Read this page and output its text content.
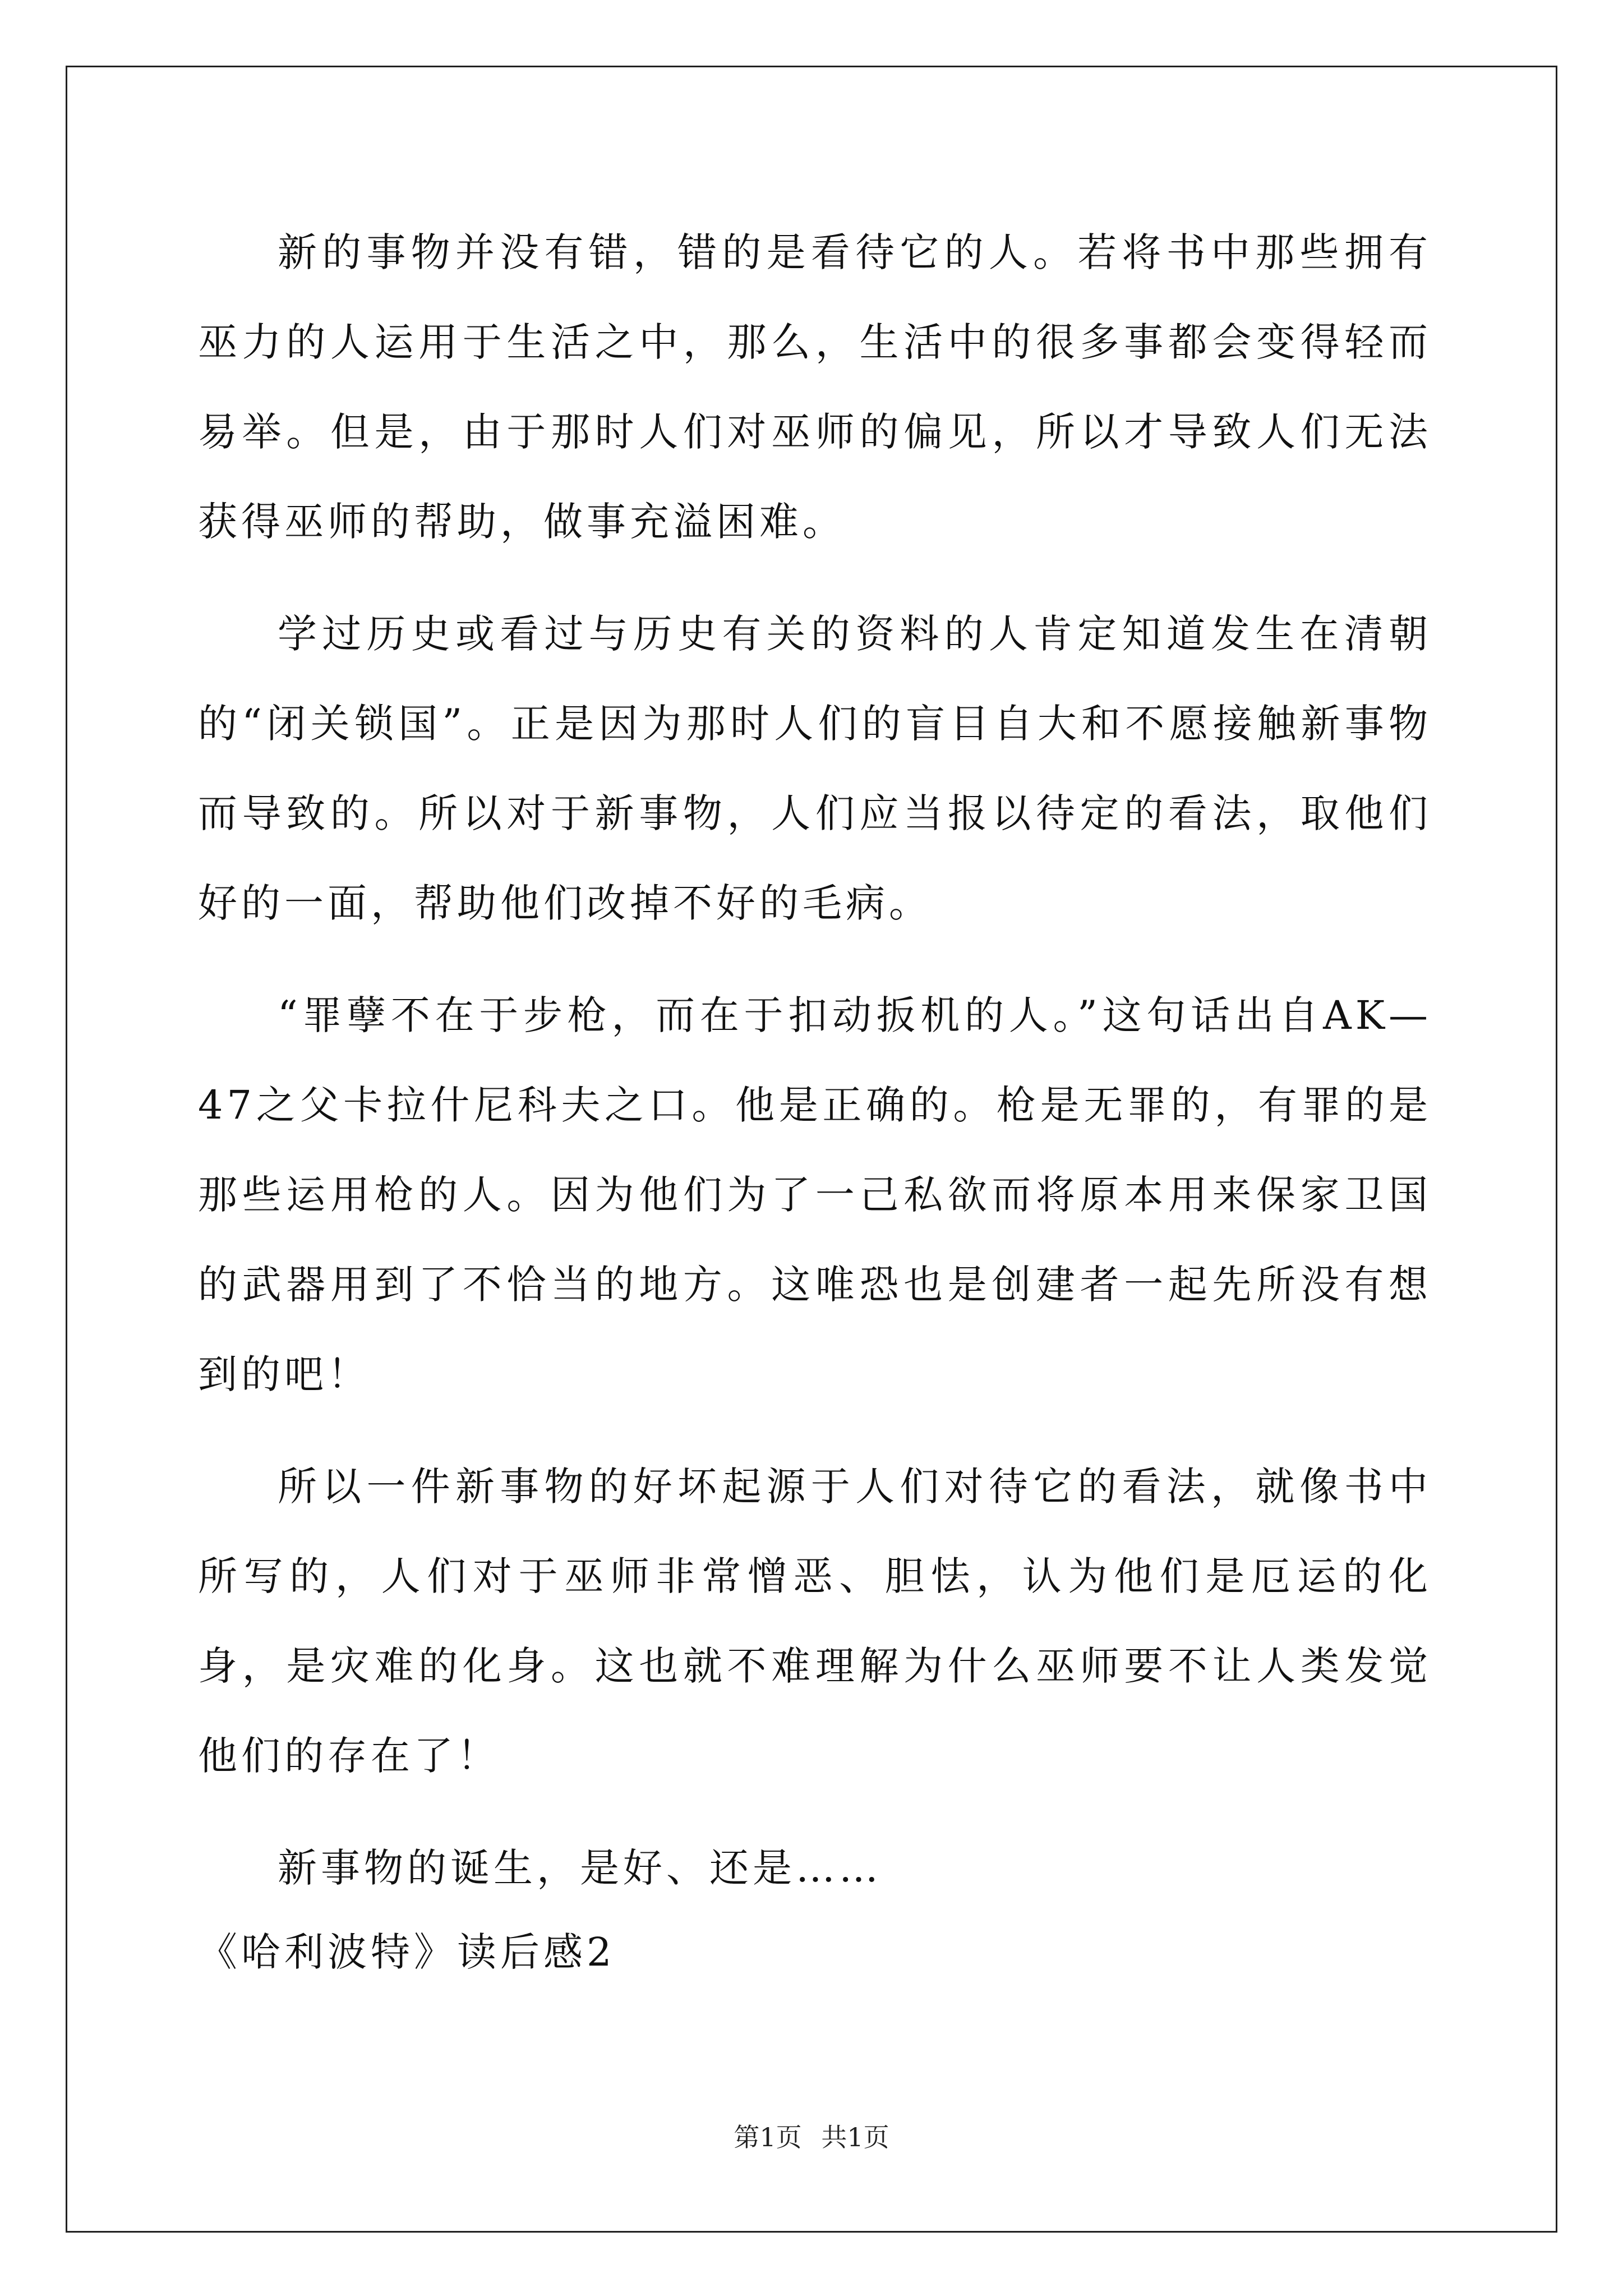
新的事物并没有错，错的是看待它的人。若将书中那些拥有巫力的人运用于生活之中，那么，生活中的很多事都会变得轻而易举。但是，由于那时人们对巫师的偏见，所以才导致人们无法获得巫师的帮助，做事充溢困难。

学过历史或看过与历史有关的资料的人肯定知道发生在清朝的“闭关锁国”。正是因为那时人们的盲目自大和不愿接触新事物而导致的。所以对于新事物，人们应当报以待定的看法，取他们好的一面，帮助他们改掉不好的毛病。

“罪孽不在于步枪，而在于扣动扳机的人。”这句话出自AK—47之父卡拉什尼科夫之口。他是正确的。枪是无罪的，有罪的是那些运用枪的人。因为他们为了一己私欲而将原本用来保家卫国的武器用到了不恰当的地方。这唯恐也是创建者一起先所没有想到的吧！

所以一件新事物的好坏起源于人们对待它的看法，就像书中所写的，人们对于巫师非常憎恶、胆怯，认为他们是厄运的化身，是灾难的化身。这也就不难理解为什么巫师要不让人类发觉他们的存在了！

新事物的诞生，是好、还是……

《哈利波特》读后感2
第1页 共1页
